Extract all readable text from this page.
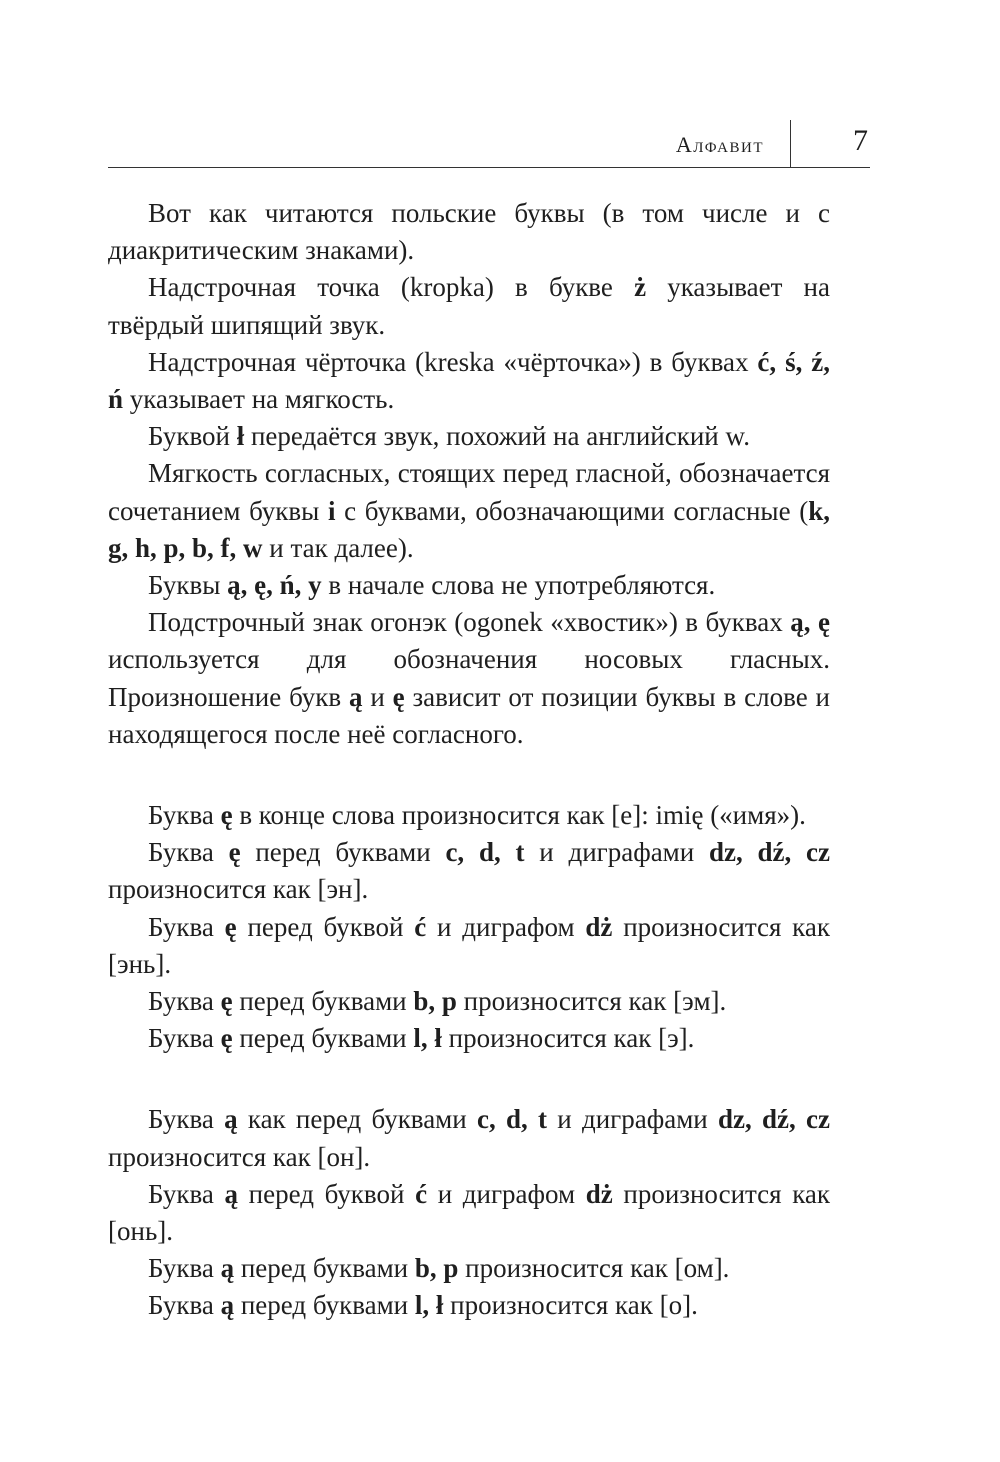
Алфавит	7

Вот как читаются польские буквы (в том числе и с диакритическим знаками).

Надстрочная точка (kropka) в букве ż указывает на твёрдый шипящий звук.

Надстрочная чёрточка (kreska «чёрточка») в буквах ć, ś, ź, ń указывает на мягкость.

Буквой ł передаётся звук, похожий на английский w.

Мягкость согласных, стоящих перед гласной, обозначается сочетанием буквы i с буквами, обозначающими согласные (k, g, h, p, b, f, w и так далее).

Буквы ą, ę, ń, y в начале слова не употребляются.

Подстрочный знак огонэк (ogonek «хвостик») в буквах ą, ę используется для обозначения носовых гласных. Произношение букв ą и ę зависит от позиции буквы в слове и находящегося после неё согласного.

Буква ę в конце слова произносится как [е]: imię («имя»).

Буква ę перед буквами c, d, t и диграфами dz, dź, cz произносится как [эн].

Буква ę перед буквой ć и диграфом dż произносится как [энь].

Буква ę перед буквами b, p произносится как [эм].

Буква ę перед буквами l, ł произносится как [э].

Буква ą как перед буквами c, d, t и диграфами dz, dź, cz произносится как [он].

Буква ą перед буквой ć и диграфом dż произносится как [онь].

Буква ą перед буквами b, p произносится как [ом].

Буква ą перед буквами l, ł произносится как [о].
